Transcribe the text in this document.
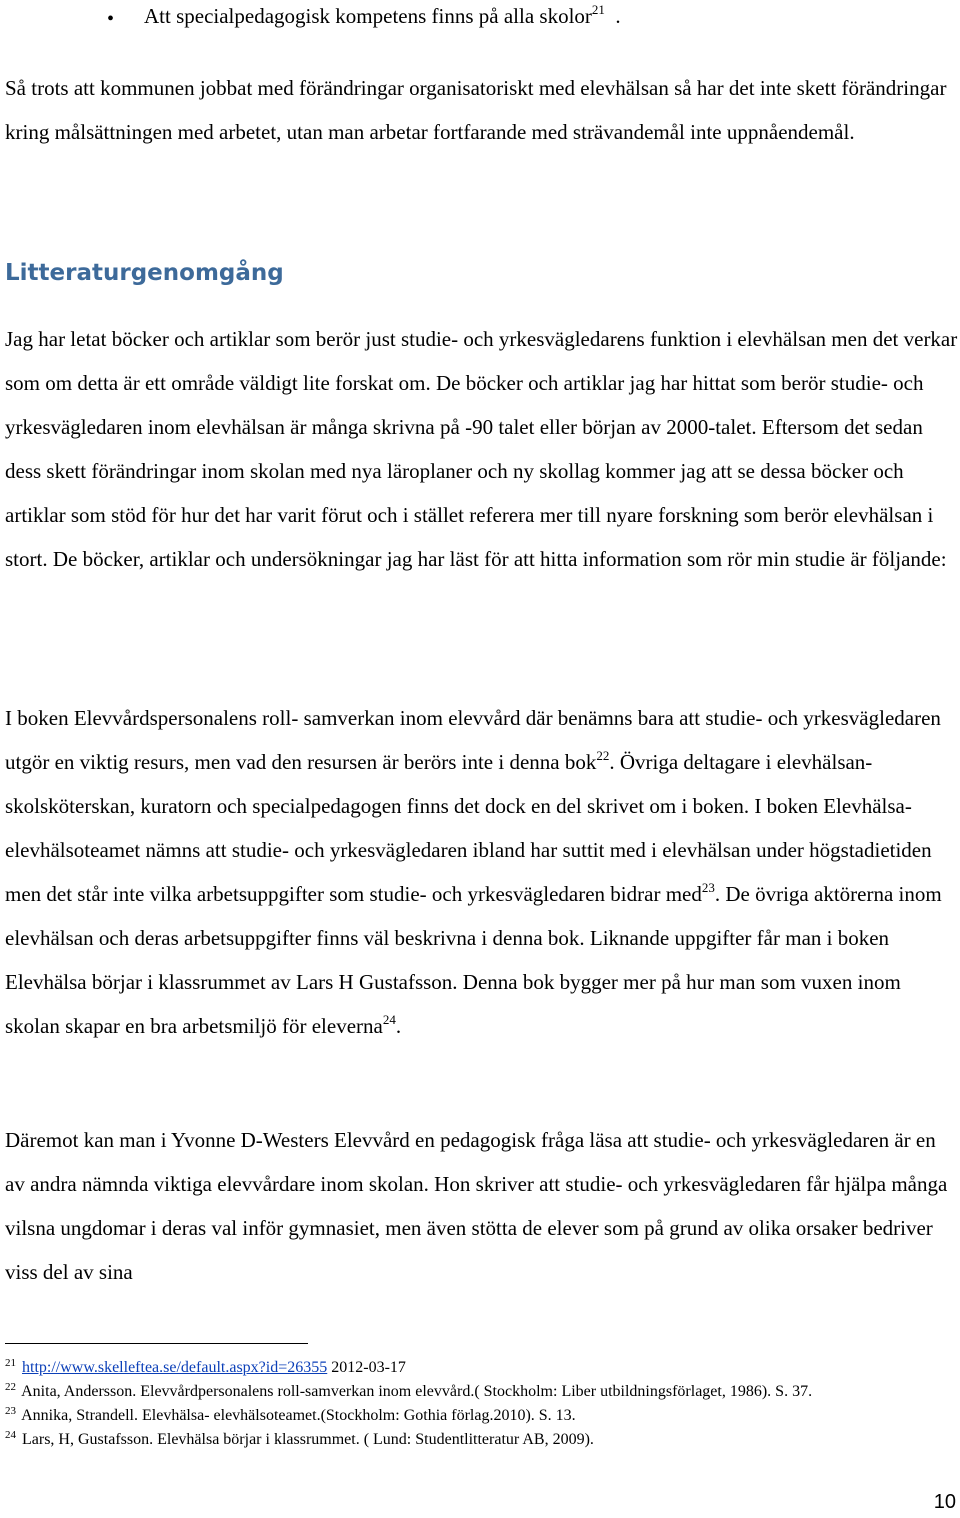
• Att specialpedagogisk kompetens finns på alla skolor$^{21}$ .

Så trots att kommunen jobbat med förändringar organisatoriskt med elevhälsan så har det inte skett förändringar kring målsättningen med arbetet, utan man arbetar fortfarande med strävandemål inte uppnåendemål.

Litteraturgenomgång

Jag har letat böcker och artiklar som berör just studie- och yrkesvägledarens funktion i elevhälsan men det verkar som om detta är ett område väldigt lite forskat om. De böcker och artiklar jag har hittat som berör studie- och yrkesvägledaren inom elevhälsan är många skrivna på -90 talet eller början av 2000-talet. Eftersom det sedan dess skett förändringar inom skolan med nya läroplaner och ny skollag kommer jag att se dessa böcker och artiklar som stöd för hur det har varit förut och i stället referera mer till nyare forskning som berör elevhälsan i stort. De böcker, artiklar och undersökningar jag har läst för att hitta information som rör min studie är följande:

I boken Elevvårdspersonalens roll- samverkan inom elevvård där benämns bara att studie- och yrkesvägledaren utgör en viktig resurs, men vad den resursen är berörs inte i denna bok$^{22}$. Övriga deltagare i elevhälsan-skolsköterskan, kuratorn och specialpedagogen finns det dock en del skrivet om i boken. I boken Elevhälsa- elevhälsoteamet nämns att studie- och yrkesvägledaren ibland har suttit med i elevhälsan under högstadietiden men det står inte vilka arbetsuppgifter som studie- och yrkesvägledaren bidrar med$^{23}$. De övriga aktörerna inom elevhälsan och deras arbetsuppgifter finns väl beskrivna i denna bok. Liknande uppgifter får man i boken Elevhälsa börjar i klassrummet av Lars H Gustafsson. Denna bok bygger mer på hur man som vuxen inom skolan skapar en bra arbetsmiljö för eleverna$^{24}$.

Däremot kan man i Yvonne D-Westers Elevvård en pedagogisk fråga läsa att studie- och yrkesvägledaren är en av andra nämnda viktiga elevvårdare inom skolan. Hon skriver att studie- och yrkesvägledaren får hjälpa många vilsna ungdomar i deras val inför gymnasiet, men även stötta de elever som på grund av olika orsaker bedriver viss del av sina

$^{21}$ http://www.skelleftea.se/default.aspx?id=26355 2012-03-17

$^{22}$ Anita, Andersson. Elevvårdpersonalens roll-samverkan inom elevvård.( Stockholm: Liber utbildningsförlaget, 1986). S. 37.

$^{23}$ Annika, Strandell. Elevhälsa- elevhälsoteamet.(Stockholm: Gothia förlag.2010). S. 13.

$^{24}$ Lars, H, Gustafsson. Elevhälsa börjar i klassrummet. ( Lund: Studentlitteratur AB, 2009).

10
